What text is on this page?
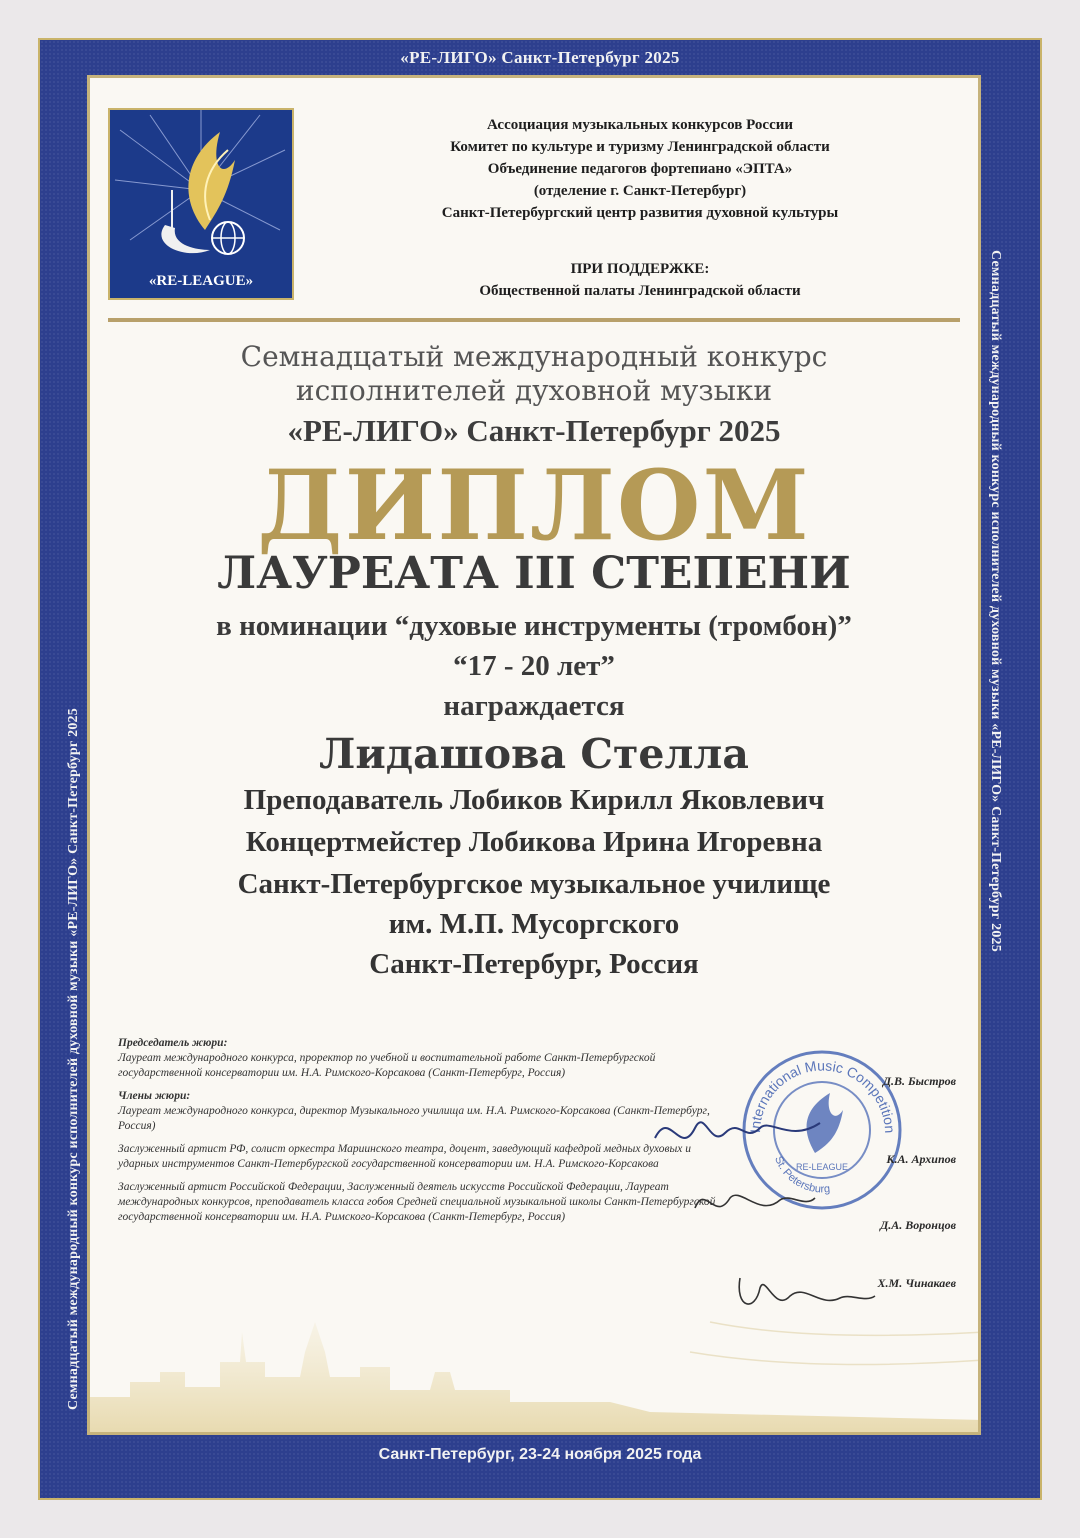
«РЕ-ЛИГО» Санкт-Петербург 2025
Семнадцатый международный конкурс исполнителей духовной музыки «РЕ-ЛИГО» Санкт-Петербург 2025
Семнадцатый международный конкурс исполнителей духовной музыки «РЕ-ЛИГО» Санкт-Петербург 2025
Санкт-Петербург, 23-24 ноября 2025 года
«RE-LEAGUE»
Ассоциация музыкальных конкурсов России
Комитет по культуре и туризму Ленинградской области
Объединение педагогов фортепиано «ЭПТА»
(отделение г. Санкт-Петербург)
Санкт-Петербургский центр развития духовной культуры
ПРИ ПОДДЕРЖКЕ:
Общественной палаты Ленинградской области
Семнадцатый международный конкурс
исполнителей духовной музыки
«РЕ-ЛИГО» Санкт-Петербург 2025
ДИПЛОМ
ЛАУРЕАТА III СТЕПЕНИ
в номинации “духовые инструменты (тромбон)”
“17 - 20 лет”
награждается
Лидашова Стелла
Преподаватель Лобиков Кирилл Яковлевич
Концертмейстер Лобикова Ирина Игоревна
Санкт-Петербургское музыкальное училище
им. М.П. Мусоргского
Санкт-Петербург, Россия
Председатель жюри:
Лауреат международного конкурса, проректор по учебной и воспитательной работе Санкт-Петербургской государственной консерватории им. Н.А. Римского-Корсакова (Санкт-Петербург, Россия)
Члены жюри:
Лауреат международного конкурса, директор Музыкального училища им. Н.А. Римского-Корсакова (Санкт-Петербург, Россия)
Заслуженный артист РФ, солист оркестра Мариинского театра, доцент, заведующий кафедрой медных духовых и ударных инструментов Санкт-Петербургской государственной консерватории им. Н.А. Римского-Корсакова
Заслуженный артист Российской Федерации, Заслуженный деятель искусств Российской Федерации, Лауреат международных конкурсов, преподаватель класса гобоя Средней специальной музыкальной школы Санкт-Петербургской государственной консерватории им. Н.А. Римского-Корсакова (Санкт-Петербург, Россия)
International Music Competition
St. Petersburg
RE-LEAGUE
Д.В. Быстров
К.А. Архипов
Д.А. Воронцов
Х.М. Чинакаев
